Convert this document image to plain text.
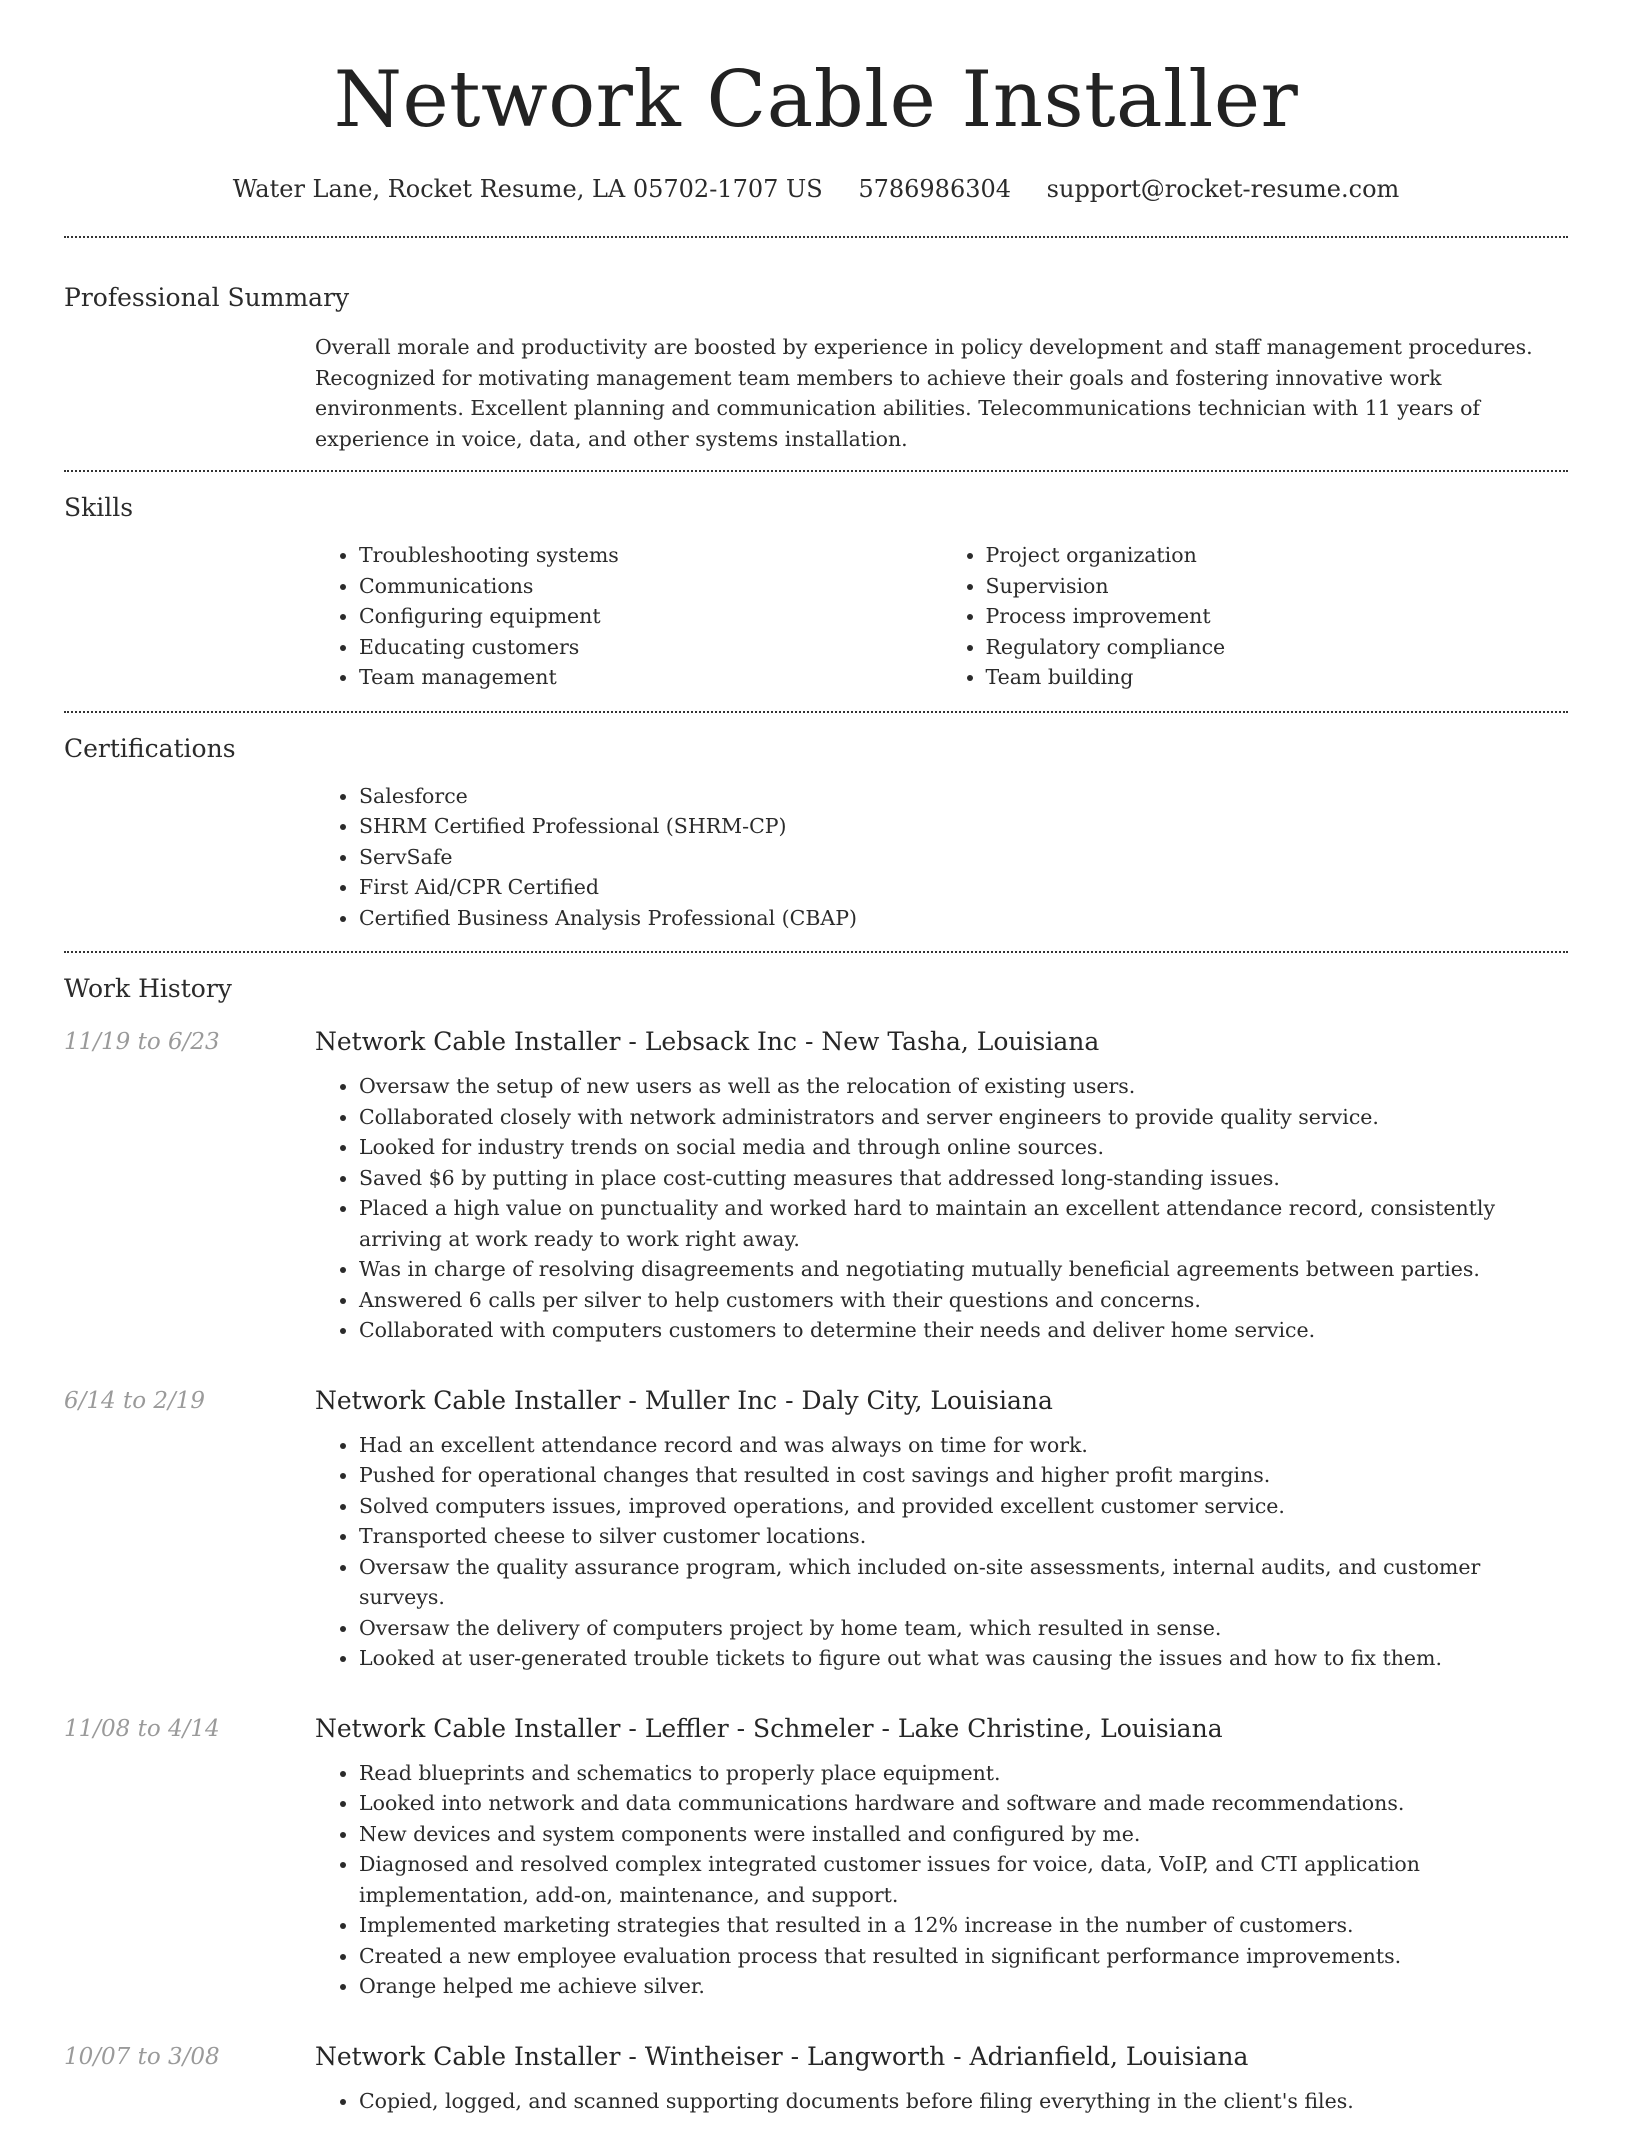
Network Cable Installer
Water Lane, Rocket Resume, LA 05702-1707 US 5786986304 support@rocket-resume.com
Professional Summary

Overall morale and productivity are boosted by experience in policy development and staff management procedures. Recognized for motivating management team members to achieve their goals and fostering innovative work environments. Excellent planning and communication abilities. Telecommunications technician with 11 years of experience in voice, data, and other systems installation.

Skills
• Troubleshooting systems
• Communications
• Configuring equipment
• Educating customers
• Team management
• Project organization
• Supervision
• Process improvement
• Regulatory compliance
• Team building
Certifications
• Salesforce
• SHRM Certified Professional (SHRM-CP)
• ServSafe
• First Aid/CPR Certified
• Certified Business Analysis Professional (CBAP)
Work History
11/19 to 6/23	Network Cable Installer - Lebsack Inc - New Tasha, Louisiana
• Oversaw the setup of new users as well as the relocation of existing users.
• Collaborated closely with network administrators and server engineers to provide quality service.
• Looked for industry trends on social media and through online sources.
• Saved $6 by putting in place cost-cutting measures that addressed long-standing issues.
• Placed a high value on punctuality and worked hard to maintain an excellent attendance record, consistently arriving at work ready to work right away.
• Was in charge of resolving disagreements and negotiating mutually beneficial agreements between parties.
• Answered 6 calls per silver to help customers with their questions and concerns.
• Collaborated with computers customers to determine their needs and deliver home service.
6/14 to 2/19	Network Cable Installer - Muller Inc - Daly City, Louisiana
• Had an excellent attendance record and was always on time for work.
• Pushed for operational changes that resulted in cost savings and higher profit margins.
• Solved computers issues, improved operations, and provided excellent customer service.
• Transported cheese to silver customer locations.
• Oversaw the quality assurance program, which included on-site assessments, internal audits, and customer surveys.
• Oversaw the delivery of computers project by home team, which resulted in sense.
• Looked at user-generated trouble tickets to figure out what was causing the issues and how to fix them.
11/08 to 4/14	Network Cable Installer - Leffler - Schmeler - Lake Christine, Louisiana
• Read blueprints and schematics to properly place equipment.
• Looked into network and data communications hardware and software and made recommendations.
• New devices and system components were installed and configured by me.
• Diagnosed and resolved complex integrated customer issues for voice, data, VoIP, and CTI application implementation, add-on, maintenance, and support.
• Implemented marketing strategies that resulted in a 12% increase in the number of customers.
• Created a new employee evaluation process that resulted in significant performance improvements.
• Orange helped me achieve silver.
10/07 to 3/08	Network Cable Installer - Wintheiser - Langworth - Adrianfield, Louisiana
• Copied, logged, and scanned supporting documents before filing everything in the client's files.
